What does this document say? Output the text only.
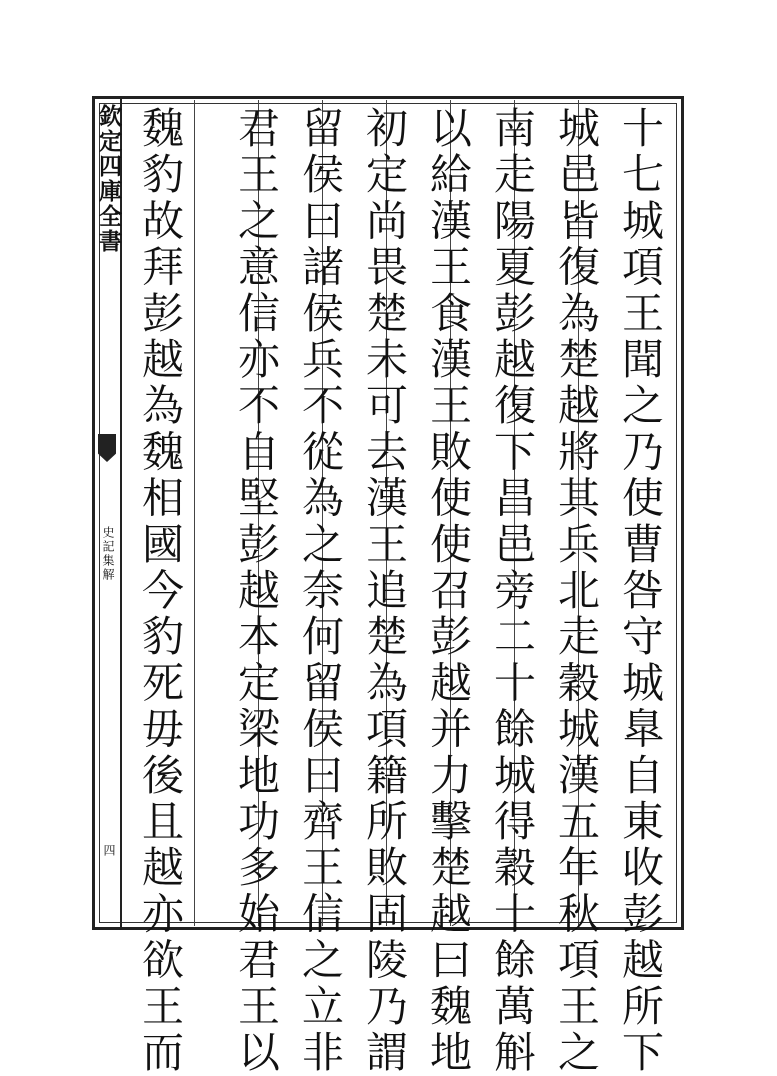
欽定四庫全書
史記集解
四	十七城項王聞之乃使曹咎守城臯自東收彭越所下
城邑皆復為楚越將其兵北走穀城漢五年秋項王之
南走陽夏彭越復下昌邑旁二十餘城得穀十餘萬斛
以給漢王食漢王敗使使召彭越并力擊楚越曰魏地
初定尚畏楚未可去漢王追楚為項籍所敗固陵乃謂
留侯曰諸侯兵不從為之奈何留侯曰齊王信之立非
君王之意信亦不自堅彭越本定梁地功多始君王以
魏豹故拜彭越為魏相國今豹死毋後且越亦欲王而
